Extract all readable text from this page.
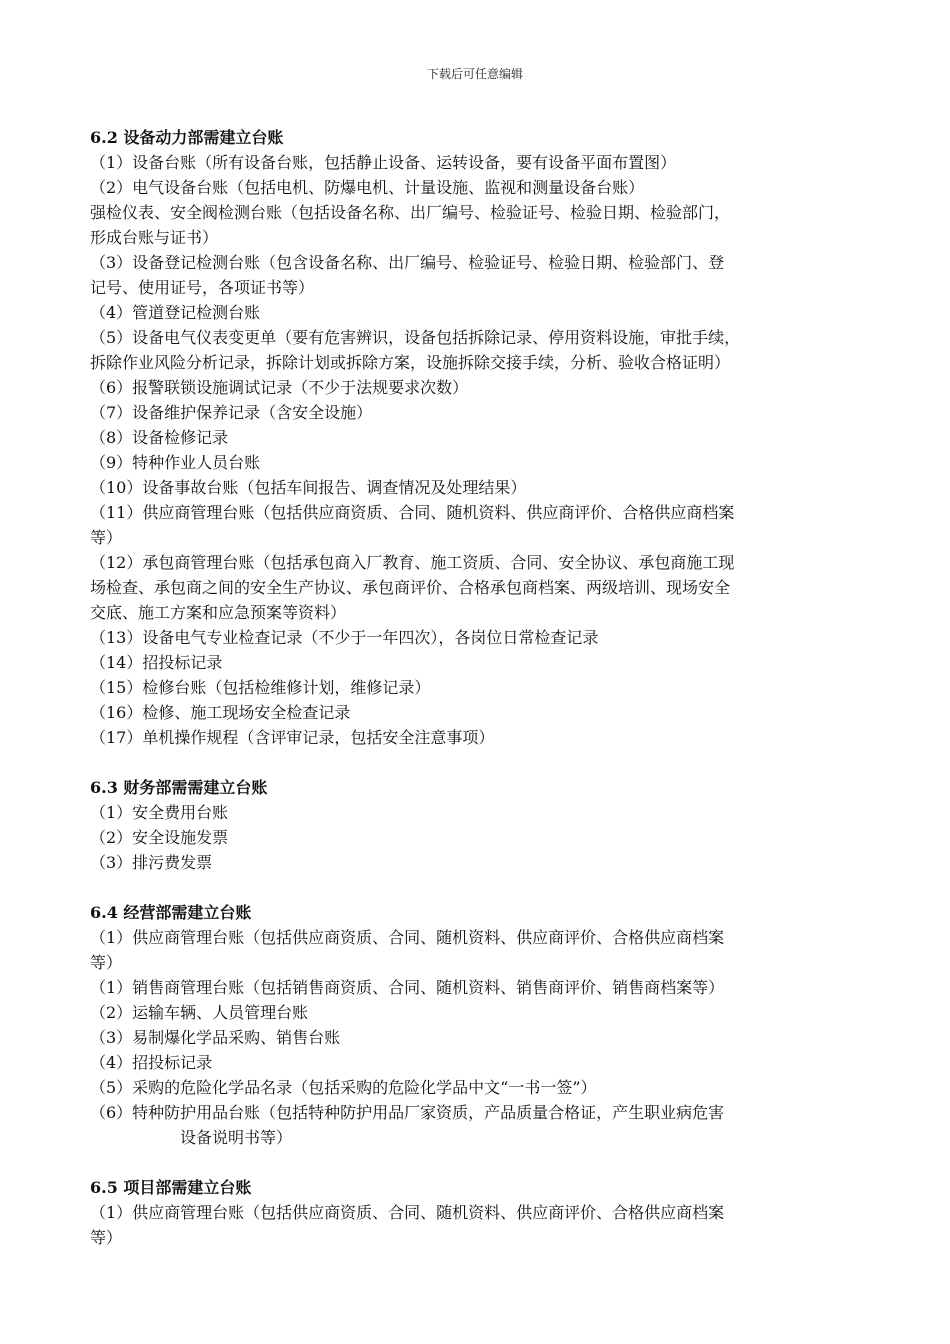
下载后可任意编辑

6.2 设备动力部需建立台账

（1）设备台账（所有设备台账，包括静止设备、运转设备，要有设备平面布置图）

（2）电气设备台账（包括电机、防爆电机、计量设施、监视和测量设备台账）

强检仪表、安全阀检测台账（包括设备名称、出厂编号、检验证号、检验日期、检验部门，

形成台账与证书）

（3）设备登记检测台账（包含设备名称、出厂编号、检验证号、检验日期、检验部门、登

记号、使用证号，各项证书等）

（4）管道登记检测台账

（5）设备电气仪表变更单（要有危害辨识，设备包括拆除记录、停用资料设施，审批手续，

拆除作业风险分析记录，拆除计划或拆除方案，设施拆除交接手续，分析、验收合格证明）

（6）报警联锁设施调试记录（不少于法规要求次数）

（7）设备维护保养记录（含安全设施）

（8）设备检修记录

（9）特种作业人员台账

（10）设备事故台账（包括车间报告、调查情况及处理结果）

（11）供应商管理台账（包括供应商资质、合同、随机资料、供应商评价、合格供应商档案

等）

（12）承包商管理台账（包括承包商入厂教育、施工资质、合同、安全协议、承包商施工现

场检查、承包商之间的安全生产协议、承包商评价、合格承包商档案、两级培训、现场安全

交底、施工方案和应急预案等资料）

（13）设备电气专业检查记录（不少于一年四次），各岗位日常检查记录

（14）招投标记录

（15）检修台账（包括检维修计划，维修记录）

（16）检修、施工现场安全检查记录

（17）单机操作规程（含评审记录，包括安全注意事项）

6.3 财务部需需建立台账

（1）安全费用台账

（2）安全设施发票

（3）排污费发票

6.4 经营部需建立台账

（1）供应商管理台账（包括供应商资质、合同、随机资料、供应商评价、合格供应商档案

等）

（1）销售商管理台账（包括销售商资质、合同、随机资料、销售商评价、销售商档案等）

（2）运输车辆、人员管理台账

（3）易制爆化学品采购、销售台账

（4）招投标记录

（5）采购的危险化学品名录（包括采购的危险化学品中文“一书一签”）

（6）特种防护用品台账（包括特种防护用品厂家资质，产品质量合格证，产生职业病危害

设备说明书等）

6.5 项目部需建立台账

（1）供应商管理台账（包括供应商资质、合同、随机资料、供应商评价、合格供应商档案

等）
